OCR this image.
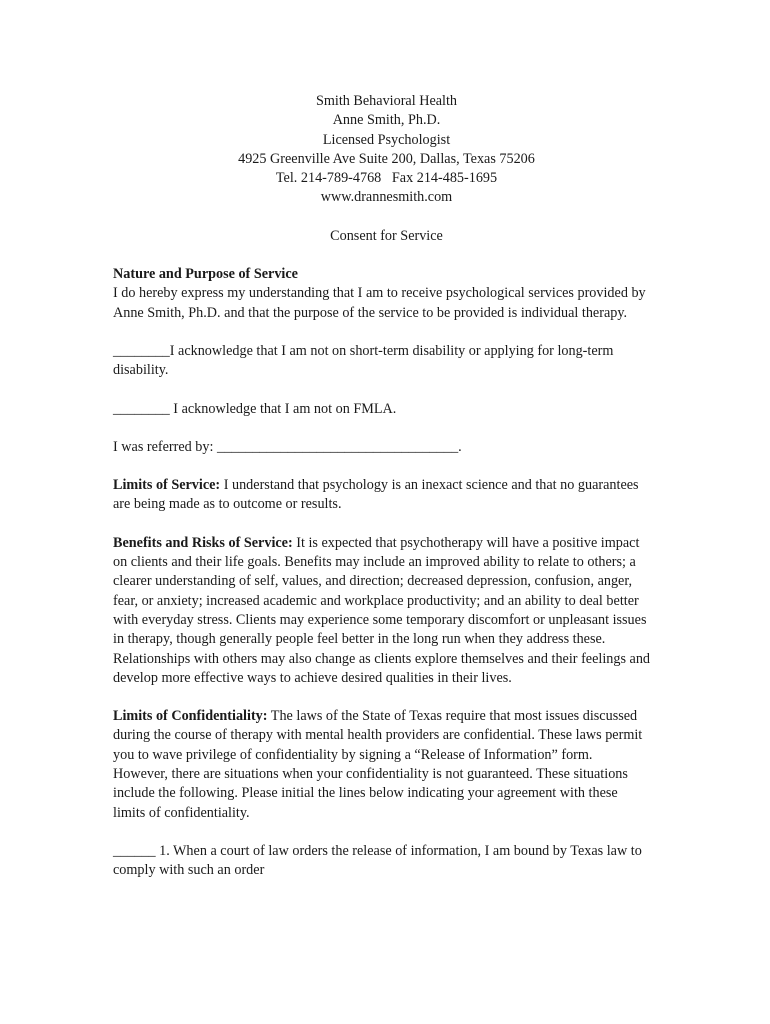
Smith Behavioral Health
Anne Smith, Ph.D.
Licensed Psychologist
4925 Greenville Ave Suite 200, Dallas, Texas 75206
Tel. 214-789-4768   Fax 214-485-1695
www.drannesmith.com
Consent for Service

Nature and Purpose of Service

I do hereby express my understanding that I am to receive psychological services provided by Anne Smith, Ph.D. and that the purpose of the service to be provided is individual therapy.

________I acknowledge that I am not on short-term disability or applying for long-term disability.

________ I acknowledge that I am not on FMLA.

I was referred by: __________________________________.

Limits of Service: I understand that psychology is an inexact science and that no guarantees are being made as to outcome or results.

Benefits and Risks of Service: It is expected that psychotherapy will have a positive impact on clients and their life goals. Benefits may include an improved ability to relate to others; a clearer understanding of self, values, and direction; decreased depression, confusion, anger, fear, or anxiety; increased academic and workplace productivity; and an ability to deal better with everyday stress. Clients may experience some temporary discomfort or unpleasant issues in therapy, though generally people feel better in the long run when they address these. Relationships with others may also change as clients explore themselves and their feelings and develop more effective ways to achieve desired qualities in their lives.

Limits of Confidentiality: The laws of the State of Texas require that most issues discussed during the course of therapy with mental health providers are confidential. These laws permit you to wave privilege of confidentiality by signing a “Release of Information” form. However, there are situations when your confidentiality is not guaranteed. These situations include the following. Please initial the lines below indicating your agreement with these limits of confidentiality.

______ 1. When a court of law orders the release of information, I am bound by Texas law to comply with such an order
